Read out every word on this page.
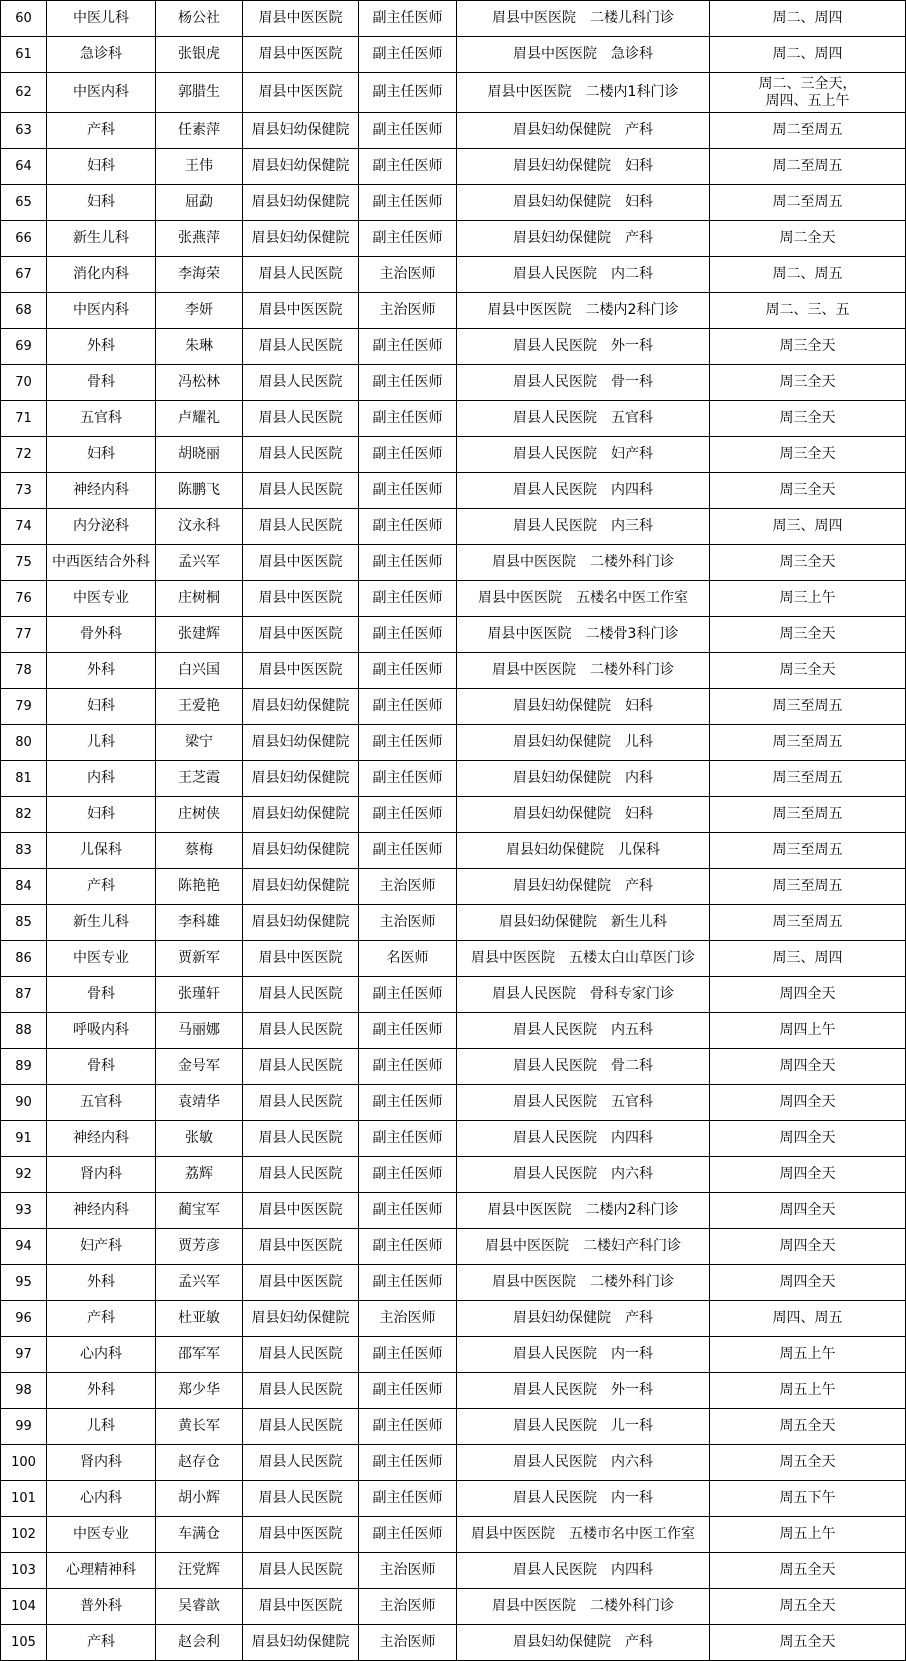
60	中医儿科	杨公社	眉县中医医院	副主任医师	眉县中医医院　二楼儿科门诊	周二、周四
61	急诊科	张银虎	眉县中医医院	副主任医师	眉县中医医院　急诊科	周二、周四
62	中医内科	郭腊生	眉县中医医院	副主任医师	眉县中医医院　二楼内1科门诊	周二、三全天，
周四、五上午
63	产科	任素萍	眉县妇幼保健院	副主任医师	眉县妇幼保健院　产科	周二至周五
64	妇科	王伟	眉县妇幼保健院	副主任医师	眉县妇幼保健院　妇科	周二至周五
65	妇科	屈勐	眉县妇幼保健院	副主任医师	眉县妇幼保健院　妇科	周二至周五
66	新生儿科	张燕萍	眉县妇幼保健院	副主任医师	眉县妇幼保健院　产科	周二全天
67	消化内科	李海荣	眉县人民医院	主治医师	眉县人民医院　内二科	周二、周五
68	中医内科	李妍	眉县中医医院	主治医师	眉县中医医院　二楼内2科门诊	周二、三、五
69	外科	朱琳	眉县人民医院	副主任医师	眉县人民医院　外一科	周三全天
70	骨科	冯松林	眉县人民医院	副主任医师	眉县人民医院　骨一科	周三全天
71	五官科	卢耀礼	眉县人民医院	副主任医师	眉县人民医院　五官科	周三全天
72	妇科	胡晓丽	眉县人民医院	副主任医师	眉县人民医院　妇产科	周三全天
73	神经内科	陈鹏飞	眉县人民医院	副主任医师	眉县人民医院　内四科	周三全天
74	内分泌科	汶永科	眉县人民医院	副主任医师	眉县人民医院　内三科	周三、周四
75	中西医结合外科	孟兴军	眉县中医医院	副主任医师	眉县中医医院　二楼外科门诊	周三全天
76	中医专业	庄树桐	眉县中医医院	副主任医师	眉县中医医院　五楼名中医工作室	周三上午
77	骨外科	张建辉	眉县中医医院	副主任医师	眉县中医医院　二楼骨3科门诊	周三全天
78	外科	白兴国	眉县中医医院	副主任医师	眉县中医医院　二楼外科门诊	周三全天
79	妇科	王爱艳	眉县妇幼保健院	副主任医师	眉县妇幼保健院　妇科	周三至周五
80	儿科	梁宁	眉县妇幼保健院	副主任医师	眉县妇幼保健院　儿科	周三至周五
81	内科	王芝霞	眉县妇幼保健院	副主任医师	眉县妇幼保健院　内科	周三至周五
82	妇科	庄树侠	眉县妇幼保健院	副主任医师	眉县妇幼保健院　妇科	周三至周五
83	儿保科	蔡梅	眉县妇幼保健院	副主任医师	眉县妇幼保健院　儿保科	周三至周五
84	产科	陈艳艳	眉县妇幼保健院	主治医师	眉县妇幼保健院　产科	周三至周五
85	新生儿科	李科雄	眉县妇幼保健院	主治医师	眉县妇幼保健院　新生儿科	周三至周五
86	中医专业	贾新军	眉县中医医院	名医师	眉县中医医院　五楼太白山草医门诊	周三、周四
87	骨科	张瑾轩	眉县人民医院	副主任医师	眉县人民医院　骨科专家门诊	周四全天
88	呼吸内科	马丽娜	眉县人民医院	副主任医师	眉县人民医院　内五科	周四上午
89	骨科	金号军	眉县人民医院	副主任医师	眉县人民医院　骨二科	周四全天
90	五官科	袁靖华	眉县人民医院	副主任医师	眉县人民医院　五官科	周四全天
91	神经内科	张敏	眉县人民医院	副主任医师	眉县人民医院　内四科	周四全天
92	肾内科	荔辉	眉县人民医院	副主任医师	眉县人民医院　内六科	周四全天
93	神经内科	蔺宝军	眉县中医医院	副主任医师	眉县中医医院　二楼内2科门诊	周四全天
94	妇产科	贾芳彦	眉县中医医院	副主任医师	眉县中医医院　二楼妇产科门诊	周四全天
95	外科	孟兴军	眉县中医医院	副主任医师	眉县中医医院　二楼外科门诊	周四全天
96	产科	杜亚敏	眉县妇幼保健院	主治医师	眉县妇幼保健院　产科	周四、周五
97	心内科	邵军军	眉县人民医院	副主任医师	眉县人民医院　内一科	周五上午
98	外科	郑少华	眉县人民医院	副主任医师	眉县人民医院　外一科	周五上午
99	儿科	黄长军	眉县人民医院	副主任医师	眉县人民医院　儿一科	周五全天
100	肾内科	赵存仓	眉县人民医院	副主任医师	眉县人民医院　内六科	周五全天
101	心内科	胡小辉	眉县人民医院	副主任医师	眉县人民医院　内一科	周五下午
102	中医专业	车满仓	眉县中医医院	副主任医师	眉县中医医院　五楼市名中医工作室	周五上午
103	心理精神科	汪党辉	眉县人民医院	主治医师	眉县人民医院　内四科	周五全天
104	普外科	吴睿歆	眉县中医医院	主治医师	眉县中医医院　二楼外科门诊	周五全天
105	产科	赵会利	眉县妇幼保健院	主治医师	眉县妇幼保健院　产科	周五全天
